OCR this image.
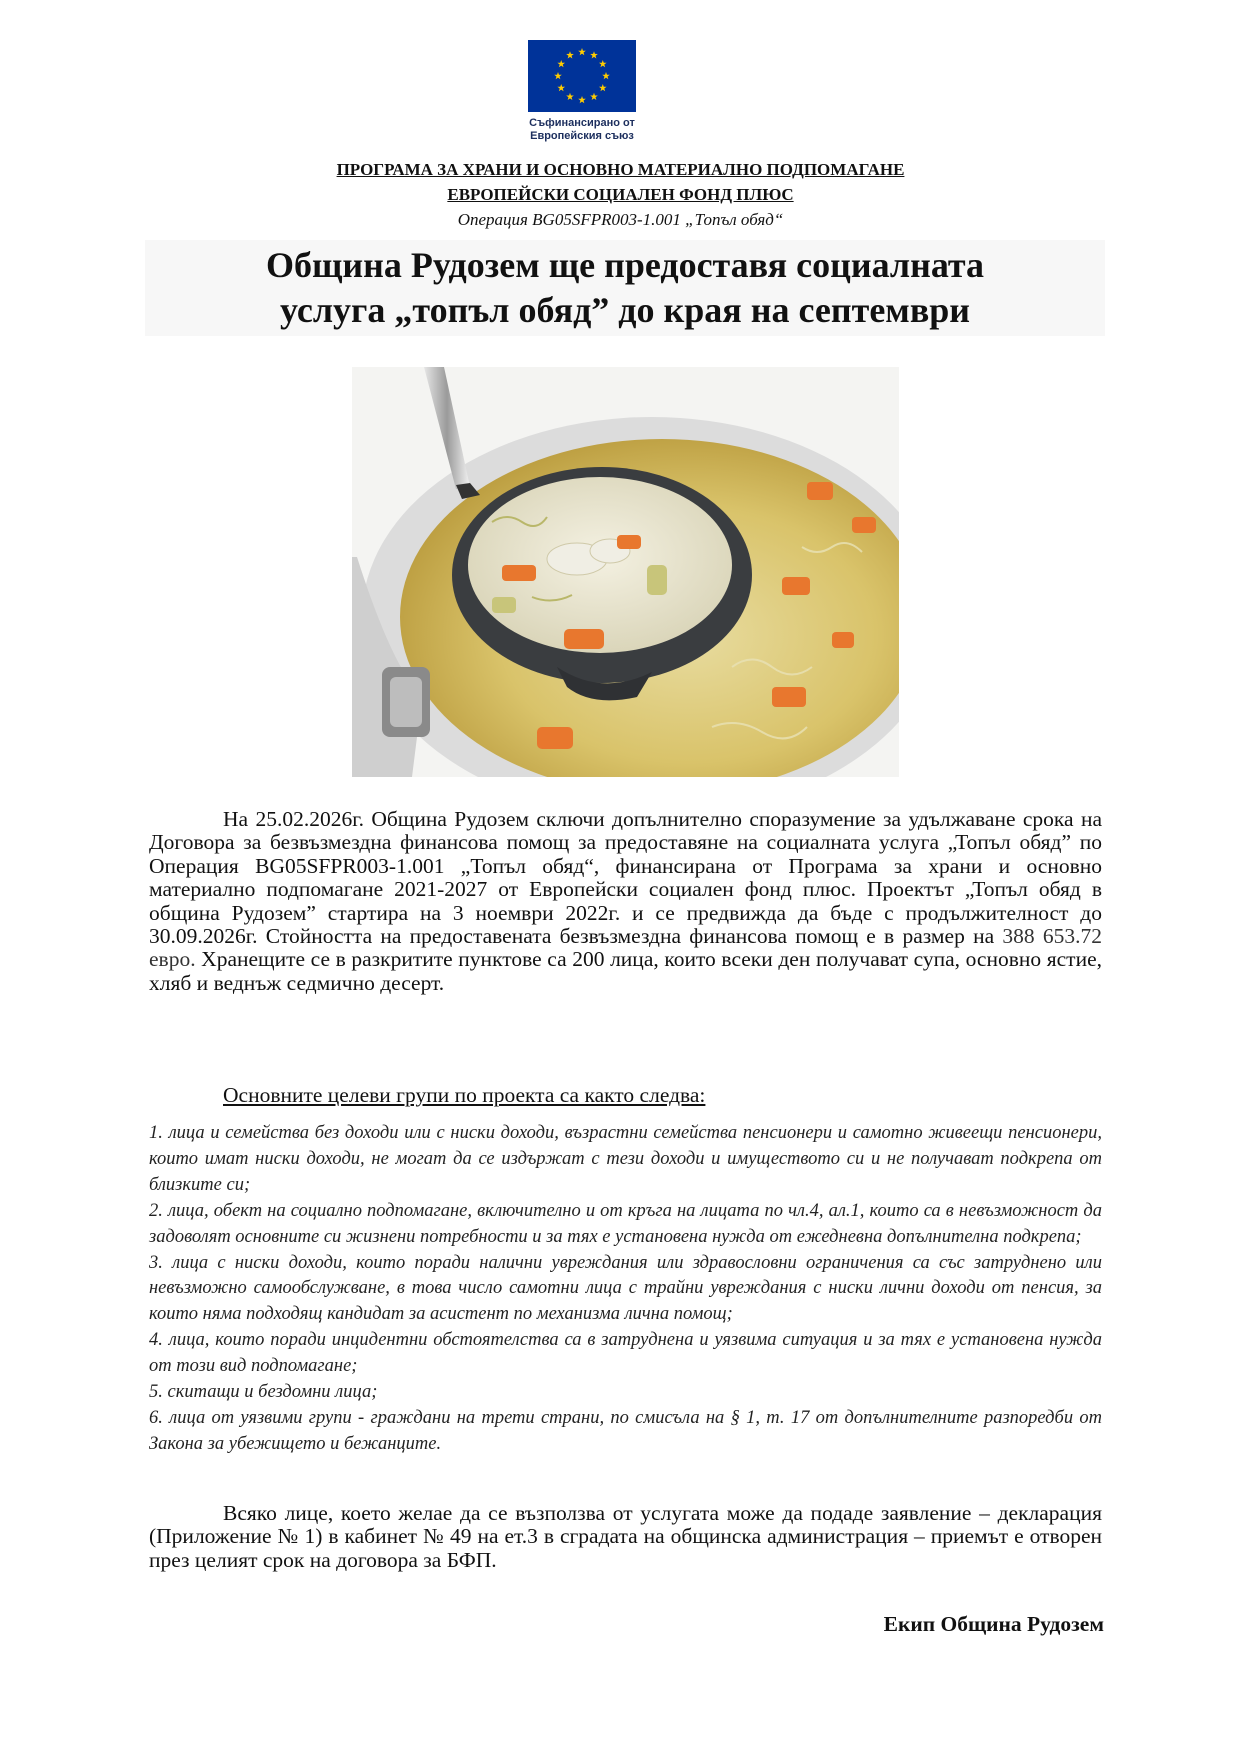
Съфинансирано от
Европейския съюз
ПРОГРАМА ЗА ХРАНИ И ОСНОВНО МАТЕРИАЛНО ПОДПОМАГАНЕ
ЕВРОПЕЙСКИ СОЦИАЛЕН ФОНД ПЛЮС
Операция BG05SFPR003-1.001 „Топъл обяд“
Община Рудозем ще предоставя социалната
услуга „топъл обяд” до края на септември

На 25.02.2026г. Община Рудозем сключи допълнително споразумение за удължаване срока на Договора за безвъзмездна финансова помощ за предоставяне на социалната услуга „Топъл обяд” по Операция BG05SFPR003-1.001 „Топъл обяд“, финансирана от Програма за храни и основно материално подпомагане 2021-2027 от Европейски социален фонд плюс. Проектът „Топъл обяд в община Рудозем” стартира на 3 ноември 2022г. и се предвижда да бъде с продължителност до 30.09.2026г. Стойността на предоставената безвъзмездна финансова помощ е в размер на 388 653.72 евро. Хранещите се в разкритите пунктове са 200 лица, които всеки ден получават супа, основно ястие, хляб и веднъж седмично десерт.

Основните целеви групи по проекта са както следва:
1. лица и семейства без доходи или с ниски доходи, възрастни семейства пенсионери и самотно живеещи пенсионери, които имат ниски доходи, не могат да се издържат с тези доходи и имуществото си и не получават подкрепа от близките си;
2. лица, обект на социално подпомагане, включително и от кръга на лицата по чл.4, ал.1, които са в невъзможност да задоволят основните си жизнени потребности и за тях е установена нужда от ежедневна допълнителна подкрепа;
3. лица с ниски доходи, които поради налични увреждания или здравословни ограничения са със затруднено или невъзможно самообслужване, в това число самотни лица с трайни увреждания с ниски лични доходи от пенсия, за които няма подходящ кандидат за асистент по механизма лична помощ;
4. лица, които поради инцидентни обстоятелства са в затруднена и уязвима ситуация и за тях е установена нужда от този вид подпомагане;
5. скитащи и бездомни лица;
6. лица от уязвими групи - граждани на трети страни, по смисъла на § 1, т. 17 от допълнителните разпоредби от Закона за убежището и бежанците.

Всяко лице, което желае да се възползва от услугата може да подаде заявление – декларация (Приложение № 1) в кабинет № 49 на ет.3 в сградата на общинска администрация – приемът е отворен през целият срок на договора за БФП.

Екип Община Рудозем
